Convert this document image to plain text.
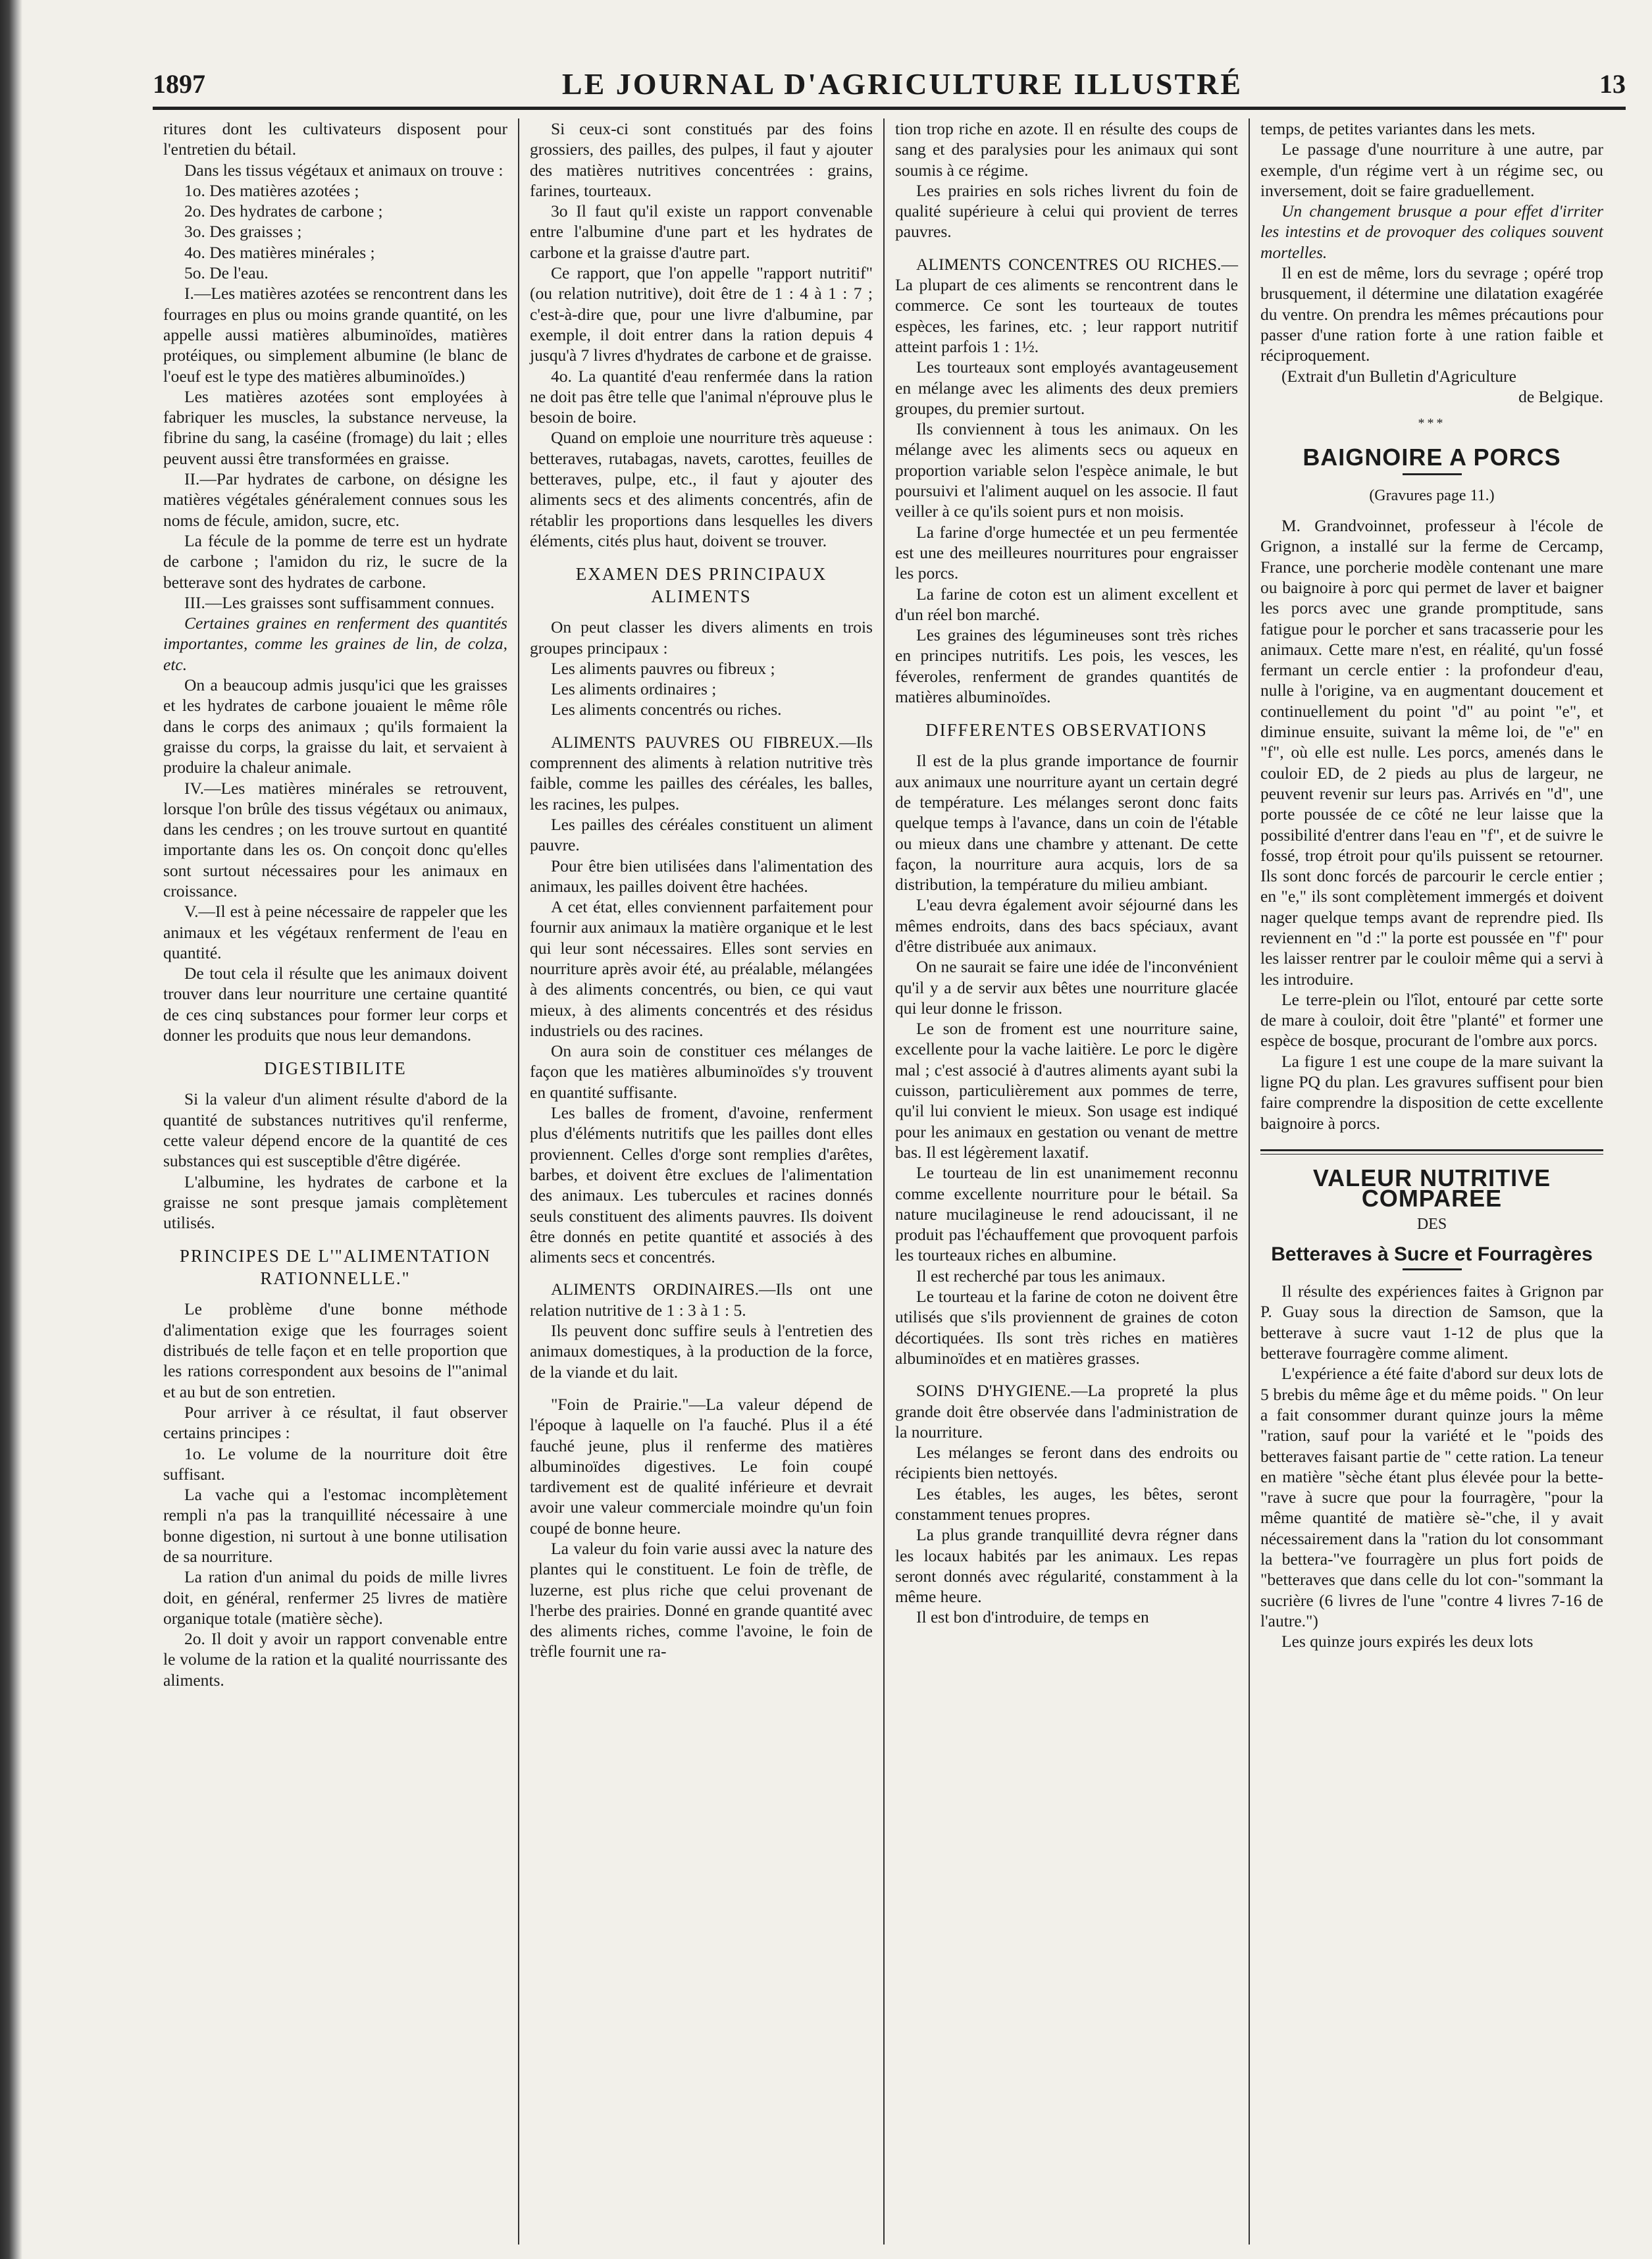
1897	LE JOURNAL D'AGRICULTURE ILLUSTRÉ	13

ritures dont les cultivateurs disposent pour l'entretien du bétail.

Dans les tissus végétaux et animaux on trouve :

1o. Des matières azotées ;

2o. Des hydrates de carbone ;

3o. Des graisses ;

4o. Des matières minérales ;

5o. De l'eau.

I.—Les matières azotées se rencontrent dans les fourrages en plus ou moins grande quantité, on les appelle aussi matières albuminoïdes, matières protéiques, ou simplement albumine (le blanc de l'oeuf est le type des matières albuminoïdes.)

Les matières azotées sont employées à fabriquer les muscles, la substance nerveuse, la fibrine du sang, la caséine (fromage) du lait ; elles peuvent aussi être transformées en graisse.

II.—Par hydrates de carbone, on désigne les matières végétales généralement connues sous les noms de fécule, amidon, sucre, etc.

La fécule de la pomme de terre est un hydrate de carbone ; l'amidon du riz, le sucre de la betterave sont des hydrates de carbone.

III.—Les graisses sont suffisamment connues.

Certaines graines en renferment des quantités importantes, comme les graines de lin, de colza, etc.

On a beaucoup admis jusqu'ici que les graisses et les hydrates de carbone jouaient le même rôle dans le corps des animaux ; qu'ils formaient la graisse du corps, la graisse du lait, et servaient à produire la chaleur animale.

IV.—Les matières minérales se retrouvent, lorsque l'on brûle des tissus végétaux ou animaux, dans les cendres ; on les trouve surtout en quantité importante dans les os. On conçoit donc qu'elles sont surtout nécessaires pour les animaux en croissance.

V.—Il est à peine nécessaire de rappeler que les animaux et les végétaux renferment de l'eau en quantité.

De tout cela il résulte que les animaux doivent trouver dans leur nourriture une certaine quantité de ces cinq substances pour former leur corps et donner les produits que nous leur demandons.

DIGESTIBILITE

Si la valeur d'un aliment résulte d'abord de la quantité de substances nutritives qu'il renferme, cette valeur dépend encore de la quantité de ces substances qui est susceptible d'être digérée.

L'albumine, les hydrates de carbone et la graisse ne sont presque jamais complètement utilisés.

PRINCIPES DE L'"ALIMENTATION RATIONNELLE."

Le problème d'une bonne méthode d'alimentation exige que les fourrages soient distribués de telle façon et en telle proportion que les rations correspondent aux besoins de l'"animal et au but de son entretien.

Pour arriver à ce résultat, il faut observer certains principes :

1o. Le volume de la nourriture doit être suffisant.

La vache qui a l'estomac incomplètement rempli n'a pas la tranquillité nécessaire à une bonne digestion, ni surtout à une bonne utilisation de sa nourriture.

La ration d'un animal du poids de mille livres doit, en général, renfermer 25 livres de matière organique totale (matière sèche).

2o. Il doit y avoir un rapport convenable entre le volume de la ration et la qualité nourrissante des aliments.

Si ceux-ci sont constitués par des foins grossiers, des pailles, des pulpes, il faut y ajouter des matières nutritives concentrées : grains, farines, tourteaux.

3o Il faut qu'il existe un rapport convenable entre l'albumine d'une part et les hydrates de carbone et la graisse d'autre part.

Ce rapport, que l'on appelle "rapport nutritif" (ou relation nutritive), doit être de 1 : 4 à 1 : 7 ; c'est-à-dire que, pour une livre d'albumine, par exemple, il doit entrer dans la ration depuis 4 jusqu'à 7 livres d'hydrates de carbone et de graisse.

4o. La quantité d'eau renfermée dans la ration ne doit pas être telle que l'animal n'éprouve plus le besoin de boire.

Quand on emploie une nourriture très aqueuse : betteraves, rutabagas, navets, carottes, feuilles de betteraves, pulpe, etc., il faut y ajouter des aliments secs et des aliments concentrés, afin de rétablir les proportions dans lesquelles les divers éléments, cités plus haut, doivent se trouver.

EXAMEN DES PRINCIPAUX ALIMENTS

On peut classer les divers aliments en trois groupes principaux :

Les aliments pauvres ou fibreux ;

Les aliments ordinaires ;

Les aliments concentrés ou riches.

ALIMENTS PAUVRES OU FIBREUX.—Ils comprennent des aliments à relation nutritive très faible, comme les pailles des céréales, les balles, les racines, les pulpes.

Les pailles des céréales constituent un aliment pauvre.

Pour être bien utilisées dans l'alimentation des animaux, les pailles doivent être hachées.

A cet état, elles conviennent parfaitement pour fournir aux animaux la matière organique et le lest qui leur sont nécessaires. Elles sont servies en nourriture après avoir été, au préalable, mélangées à des aliments concentrés, ou bien, ce qui vaut mieux, à des aliments concentrés et des résidus industriels ou des racines.

On aura soin de constituer ces mélanges de façon que les matières albuminoïdes s'y trouvent en quantité suffisante.

Les balles de froment, d'avoine, renferment plus d'éléments nutritifs que les pailles dont elles proviennent. Celles d'orge sont remplies d'arêtes, barbes, et doivent être exclues de l'alimentation des animaux. Les tubercules et racines donnés seuls constituent des aliments pauvres. Ils doivent être donnés en petite quantité et associés à des aliments secs et concentrés.

ALIMENTS ORDINAIRES.—Ils ont une relation nutritive de 1 : 3 à 1 : 5.

Ils peuvent donc suffire seuls à l'entretien des animaux domestiques, à la production de la force, de la viande et du lait.

"Foin de Prairie."—La valeur dépend de l'époque à laquelle on l'a fauché. Plus il a été fauché jeune, plus il renferme des matières albuminoïdes digestives. Le foin coupé tardivement est de qualité inférieure et devrait avoir une valeur commerciale moindre qu'un foin coupé de bonne heure.

La valeur du foin varie aussi avec la nature des plantes qui le constituent. Le foin de trèfle, de luzerne, est plus riche que celui provenant de l'herbe des prairies. Donné en grande quantité avec des aliments riches, comme l'avoine, le foin de trèfle fournit une ra-

tion trop riche en azote. Il en résulte des coups de sang et des paralysies pour les animaux qui sont soumis à ce régime.

Les prairies en sols riches livrent du foin de qualité supérieure à celui qui provient de terres pauvres.

ALIMENTS CONCENTRES OU RICHES.—La plupart de ces aliments se rencontrent dans le commerce. Ce sont les tourteaux de toutes espèces, les farines, etc. ; leur rapport nutritif atteint parfois 1 : 1½.

Les tourteaux sont employés avantageusement en mélange avec les aliments des deux premiers groupes, du premier surtout.

Ils conviennent à tous les animaux. On les mélange avec les aliments secs ou aqueux en proportion variable selon l'espèce animale, le but poursuivi et l'aliment auquel on les associe. Il faut veiller à ce qu'ils soient purs et non moisis.

La farine d'orge humectée et un peu fermentée est une des meilleures nourritures pour engraisser les porcs.

La farine de coton est un aliment excellent et d'un réel bon marché.

Les graines des légumineuses sont très riches en principes nutritifs. Les pois, les vesces, les féveroles, renferment de grandes quantités de matières albuminoïdes.

DIFFERENTES OBSERVATIONS

Il est de la plus grande importance de fournir aux animaux une nourriture ayant un certain degré de température. Les mélanges seront donc faits quelque temps à l'avance, dans un coin de l'étable ou mieux dans une chambre y attenant. De cette façon, la nourriture aura acquis, lors de sa distribution, la température du milieu ambiant.

L'eau devra également avoir séjourné dans les mêmes endroits, dans des bacs spéciaux, avant d'être distribuée aux animaux.

On ne saurait se faire une idée de l'inconvénient qu'il y a de servir aux bêtes une nourriture glacée qui leur donne le frisson.

Le son de froment est une nourriture saine, excellente pour la vache laitière. Le porc le digère mal ; c'est associé à d'autres aliments ayant subi la cuisson, particulièrement aux pommes de terre, qu'il lui convient le mieux. Son usage est indiqué pour les animaux en gestation ou venant de mettre bas. Il est légèrement laxatif.

Le tourteau de lin est unanimement reconnu comme excellente nourriture pour le bétail. Sa nature mucilagineuse le rend adoucissant, il ne produit pas l'échauffement que provoquent parfois les tourteaux riches en albumine.

Il est recherché par tous les animaux.

Le tourteau et la farine de coton ne doivent être utilisés que s'ils proviennent de graines de coton décortiquées. Ils sont très riches en matières albuminoïdes et en matières grasses.

SOINS D'HYGIENE.—La propreté la plus grande doit être observée dans l'administration de la nourriture.

Les mélanges se feront dans des endroits ou récipients bien nettoyés.

Les étables, les auges, les bêtes, seront constamment tenues propres.

La plus grande tranquillité devra régner dans les locaux habités par les animaux. Les repas seront donnés avec régularité, constamment à la même heure.

Il est bon d'introduire, de temps en

temps, de petites variantes dans les mets.

Le passage d'une nourriture à une autre, par exemple, d'un régime vert à un régime sec, ou inversement, doit se faire graduellement.

Un changement brusque a pour effet d'irriter les intestins et de provoquer des coliques souvent mortelles.

Il en est de même, lors du sevrage ; opéré trop brusquement, il détermine une dilatation exagérée du ventre. On prendra les mêmes précautions pour passer d'une ration forte à une ration faible et réciproquement.

(Extrait d'un Bulletin d'Agriculture

de Belgique.

***
BAIGNOIRE A PORCS
(Gravures page 11.)

M. Grandvoinnet, professeur à l'école de Grignon, a installé sur la ferme de Cercamp, France, une porcherie modèle contenant une mare ou baignoire à porc qui permet de laver et baigner les porcs avec une grande promptitude, sans fatigue pour le porcher et sans tracasserie pour les animaux. Cette mare n'est, en réalité, qu'un fossé fermant un cercle entier : la profondeur d'eau, nulle à l'origine, va en augmentant doucement et continuellement du point "d" au point "e", et diminue ensuite, suivant la même loi, de "e" en "f", où elle est nulle. Les porcs, amenés dans le couloir ED, de 2 pieds au plus de largeur, ne peuvent revenir sur leurs pas. Arrivés en "d", une porte poussée de ce côté ne leur laisse que la possibilité d'entrer dans l'eau en "f", et de suivre le fossé, trop étroit pour qu'ils puissent se retourner. Ils sont donc forcés de parcourir le cercle entier ; en "e," ils sont complètement immergés et doivent nager quelque temps avant de reprendre pied. Ils reviennent en "d :" la porte est poussée en "f" pour les laisser rentrer par le couloir même qui a servi à les introduire.

Le terre-plein ou l'îlot, entouré par cette sorte de mare à couloir, doit être "planté" et former une espèce de bosque, procurant de l'ombre aux porcs.

La figure 1 est une coupe de la mare suivant la ligne PQ du plan. Les gravures suffisent pour bien faire comprendre la disposition de cette excellente baignoire à porcs.

VALEUR NUTRITIVE COMPAREE
DES
Betteraves à Sucre et Fourragères

Il résulte des expériences faites à Grignon par P. Guay sous la direction de Samson, que la betterave à sucre vaut 1-12 de plus que la betterave fourragère comme aliment.

L'expérience a été faite d'abord sur deux lots de 5 brebis du même âge et du même poids. " On leur a fait consommer durant quinze jours la même "ration, sauf pour la variété et le "poids des betteraves faisant partie de " cette ration. La teneur en matière "sèche étant plus élevée pour la bette-"rave à sucre que pour la fourragère, "pour la même quantité de matière sè-"che, il y avait nécessairement dans la "ration du lot consommant la bettera-"ve fourragère un plus fort poids de "betteraves que dans celle du lot con-"sommant la sucrière (6 livres de l'une "contre 4 livres 7-16 de l'autre.")

Les quinze jours expirés les deux lots
